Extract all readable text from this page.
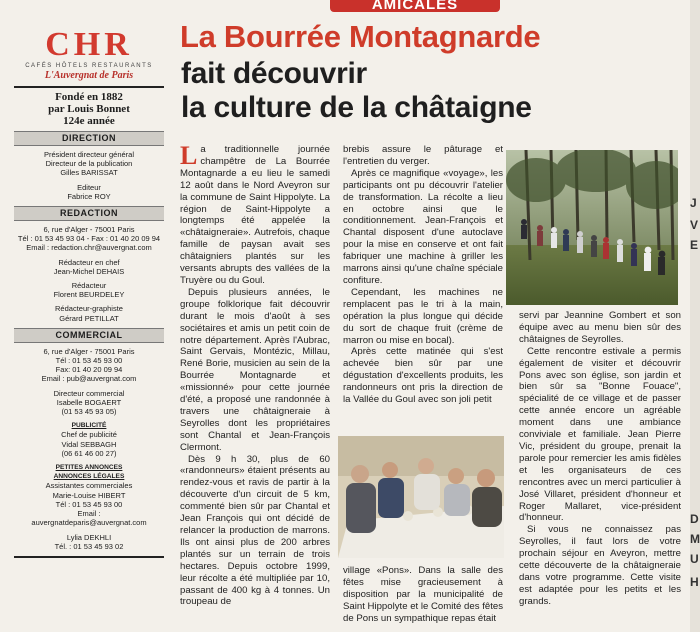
AMICALES
CHR
CAFÉS HÔTELS RESTAURANTS
L'Auvergnat de Paris
Fondé en 1882
par Louis Bonnet
124e année
DIRECTION
Président directeur général
Directeur de la publication
Gilles BARISSAT
Editeur
Fabrice ROY
REDACTION
6, rue d'Alger - 75001 Paris
Tél : 01 53 45 93 04 - Fax : 01 40 20 09 94
Email : redaction.chr@auvergnat.com
Rédacteur en chef
Jean-Michel DEHAIS
Rédacteur
Florent BEURDELEY
Rédacteur-graphiste
Gérard PETILLAT
COMMERCIAL
6, rue d'Alger - 75001 Paris
Tél : 01 53 45 93 00
Fax: 01 40 20 09 94
Email : pub@auvergnat.com
Directeur commercial
Isabelle BOGAERT
(01 53 45 93 05)
PUBLICITÉ
Chef de publicité
Vidal SEBBAGH
(06 61 46 00 27)
PETITES ANNONCES
ANNONCES LÉGALES
Assistantes commerciales
Marie-Louise HIBERT
Tél : 01 53 45 93 00
Email :
auvergnatdeparis@auvergnat.com
Lylia DEKHLI
Tél. : 01 53 45 93 02
La Bourrée Montagnarde
fait découvrir
la culture de la châtaigne

La traditionnelle journée champêtre de La Bourrée Montagnarde a eu lieu le samedi 12 août dans le Nord Aveyron sur la commune de Saint Hippolyte. La région de Saint-Hippolyte a longtemps été appelée la «châtaigneraie». Autrefois, chaque famille de paysan avait ses châtaigniers plantés sur les versants abrupts des vallées de la Truyère ou du Goul.

Depuis plusieurs années, le groupe folklorique fait découvrir durant le mois d'août à ses sociétaires et amis un petit coin de notre département. Après l'Aubrac, Saint Gervais, Montézic, Millau, René Borie, musicien au sein de la Bourrée Montagnarde et «missionné» pour cette journée d'été, a proposé une randonnée à travers une châtaigneraie à Seyrolles dont les propriétaires sont Chantal et Jean-François Clermont.

Dès 9 h 30, plus de 60 «randonneurs» étaient présents au rendez-vous et ravis de partir à la découverte d'un circuit de 5 km, commenté bien sûr par Chantal et Jean François qui ont décidé de relancer la production de marrons. Ils ont ainsi plus de 200 arbres plantés sur un terrain de trois hectares. Depuis octobre 1999, leur récolte a été multipliée par 10, passant de 400 kg à 4 tonnes. Un troupeau de

brebis assure le pâturage et l'entretien du verger.

Après ce magnifique «voyage», les participants ont pu découvrir l'atelier de transformation. La récolte a lieu en octobre ainsi que le conditionnement. Jean-François et Chantal disposent d'une autoclave pour la mise en conserve et ont fait fabriquer une machine à griller les marrons ainsi qu'une chaîne spéciale confiture.

Cependant, les machines ne remplacent pas le tri à la main, opération la plus longue qui décide du sort de chaque fruit (crème de marron ou mise en bocal).

Après cette matinée qui s'est achevée bien sûr par une dégustation d'excellents produits, les randonneurs ont pris la direction de la Vallée du Goul avec son joli petit

village «Pons». Dans la salle des fêtes mise gracieusement à disposition par la municipalité de Saint Hippolyte et le Comité des fêtes de Pons un sympathique repas était

servi par Jeannine Gombert et son équipe avec au menu bien sûr des châtaignes de Seyrolles.

Cette rencontre estivale a permis également de visiter et découvrir Pons avec son église, son jardin et bien sûr sa "Bonne Fouace", spécialité de ce village et de passer cette année encore un agréable moment dans une ambiance conviviale et familiale. Jean Pierre Vic, président du groupe, prenait la parole pour remercier les amis fidèles et les organisateurs de ces rencontres avec un merci particulier à José Villaret, président d'honneur et Roger Mallaret, vice-président d'honneur.

Si vous ne connaissez pas Seyrolles, il faut lors de votre prochain séjour en Aveyron, mettre cette découverte de la châtaigneraie dans votre programme. Cette visite est adaptée pour les petits et les grands.

J
V
E
D
M
U
H
